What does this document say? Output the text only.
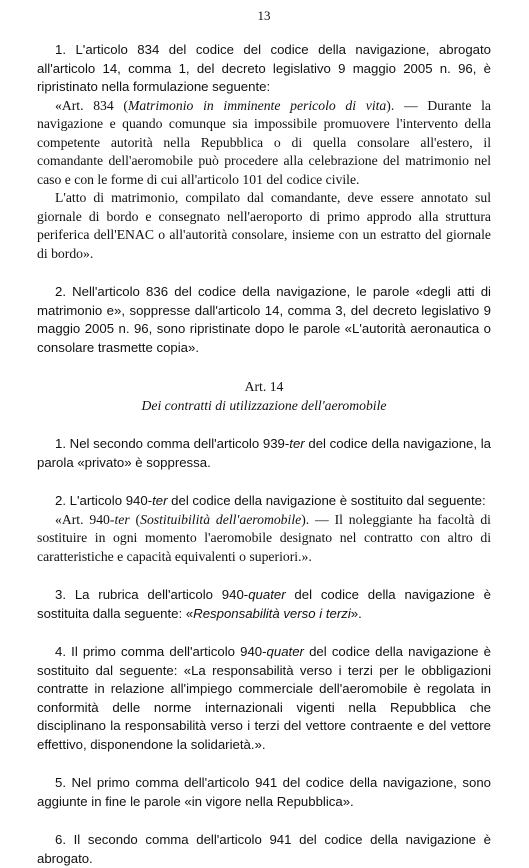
13

1. L'articolo 834 del codice del codice della navigazione, abrogato all'articolo 14, comma 1, del decreto legislativo 9 maggio 2005 n. 96, è ripristinato nella formulazione seguente:

«Art. 834 (Matrimonio in imminente pericolo di vita). — Durante la navigazione e quando comunque sia impossibile promuovere l'intervento della competente autorità nella Repubblica o di quella consolare all'estero, il comandante dell'aeromobile può procedere alla celebrazione del matrimonio nel caso e con le forme di cui all'articolo 101 del codice civile.

L'atto di matrimonio, compilato dal comandante, deve essere annotato sul giornale di bordo e consegnato nell'aeroporto di primo approdo alla struttura periferica dell'ENAC o all'autorità consolare, insieme con un estratto del giornale di bordo».

2. Nell'articolo 836 del codice della navigazione, le parole «degli atti di matrimonio e», soppresse dall'articolo 14, comma 3, del decreto legislativo 9 maggio 2005 n. 96, sono ripristinate dopo le parole «L'autorità aeronautica o consolare trasmette copia».

Art. 14

Dei contratti di utilizzazione dell'aeromobile

1. Nel secondo comma dell'articolo 939-ter del codice della navigazione, la parola «privato» è soppressa.

2. L'articolo 940-ter del codice della navigazione è sostituito dal seguente:

«Art. 940-ter (Sostituibilità dell'aeromobile). — Il noleggiante ha facoltà di sostituire in ogni momento l'aeromobile designato nel contratto con altro di caratteristiche e capacità equivalenti o superiori.».

3. La rubrica dell'articolo 940-quater del codice della navigazione è sostituita dalla seguente: «Responsabilità verso i terzi».

4. Il primo comma dell'articolo 940-quater del codice della navigazione è sostituito dal seguente: «La responsabilità verso i terzi per le obbligazioni contratte in relazione all'impiego commerciale dell'aeromobile è regolata in conformità delle norme internazionali vigenti nella Repubblica che disciplinano la responsabilità verso i terzi del vettore contraente e del vettore effettivo, disponendone la solidarietà.».

5. Nel primo comma dell'articolo 941 del codice della navigazione, sono aggiunte in fine le parole «in vigore nella Repubblica».

6. Il secondo comma dell'articolo 941 del codice della navigazione è abrogato.
